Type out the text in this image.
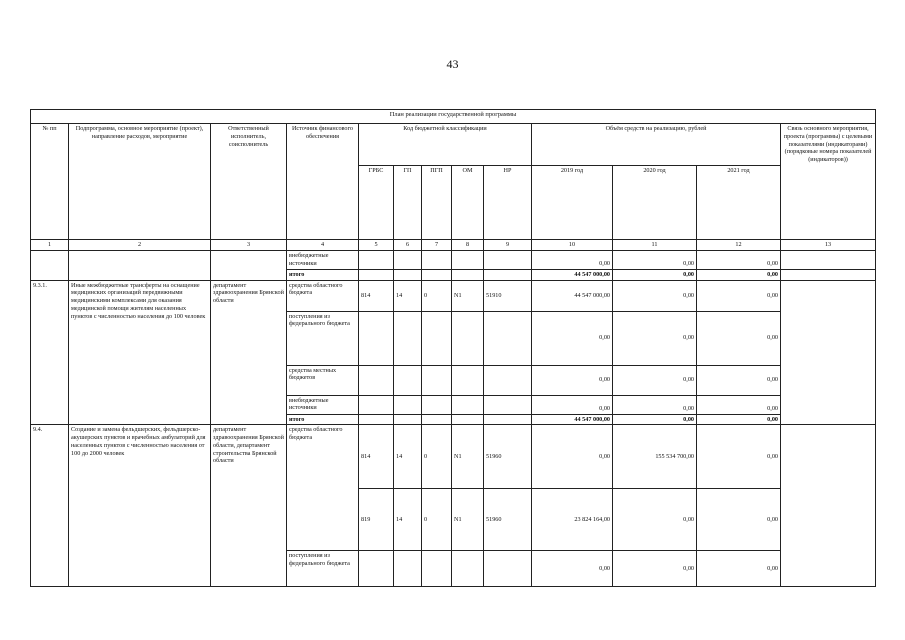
43
План реализации государственной программы												
№ пп	Подпрограмма, основное мероприятие (проект), направление расходов, мероприятие	Ответственный исполнитель, соисполнитель	Источник финансового обеспечения	Код бюджетной классификации					Объём средств на реализацию, рублей			Связь основного мероприятия, проекта (программы) с целевыми показателями (индикаторами) (порядковые номера показателей (индикаторов))
				ГРБС	ГП	ПГП	ОМ	НР	2019 год	2020 год	2021 год	
1	2	3	4	5	6	7	8	9	10	11	12	13
			внебюджетные источники						0,00	0,00	0,00	
			итого						44 547 000,00	0,00	0,00	
9.3.1.	Иные межбюджетные трансферты на оснащение медицинских организаций передвижными медицинскими комплексами для оказания медицинской помощи жителям населенных пунктов с численностью населения до 100 человек	департамент здравоохранения Брянской области	средства областного бюджета	814	14	0	N1	51910	44 547 000,00	0,00	0,00	
			поступления из федерального бюджета						0,00	0,00	0,00	
			средства местных бюджетов						0,00	0,00	0,00	
			внебюджетные источники						0,00	0,00	0,00	
			итого						44 547 000,00	0,00	0,00	
9.4.	Создание и замена фельдшерских, фельдшерско-акушерских пунктов и врачебных амбулаторий для населенных пунктов с численностью населения от 100 до 2000 человек	департамент здравоохранения Брянской области, департамент строительства Брянской области	средства областного бюджета	814	14	0	N1	51960	0,00	155 534 700,00	0,00	
				819	14	0	N1	51960	23 824 164,00	0,00	0,00	
			поступления из федерального бюджета						0,00	0,00	0,00	
